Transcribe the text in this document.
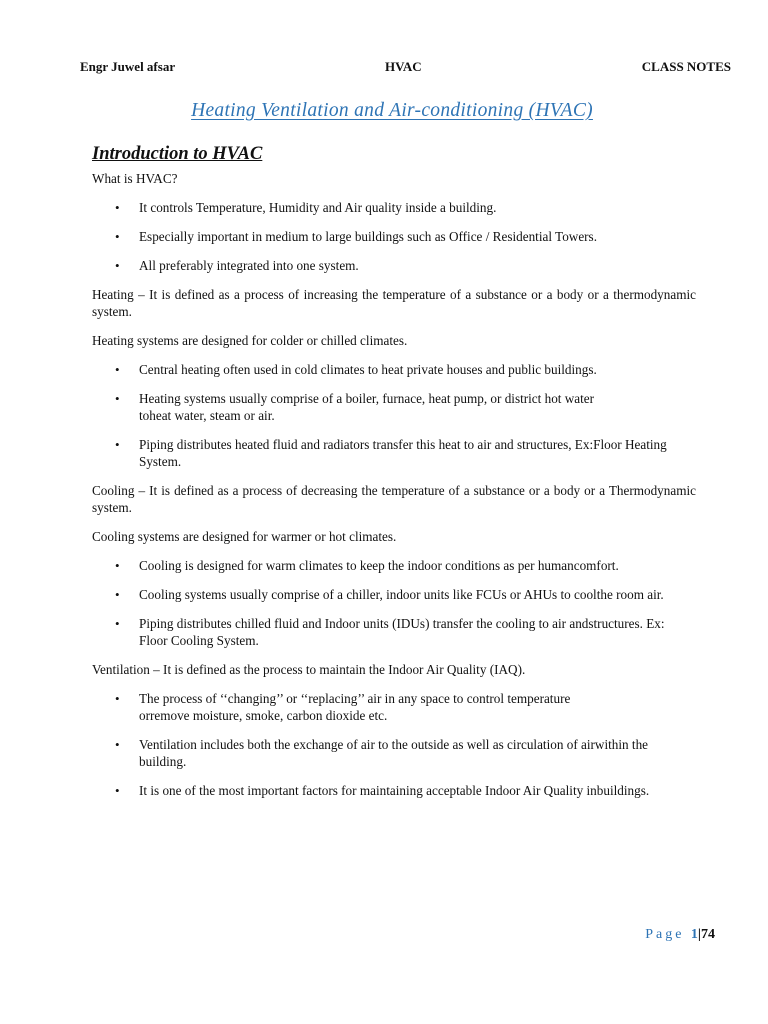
Engr Juwel afsar	HVAC	CLASS NOTES
Heating Ventilation and Air-conditioning (HVAC)
Introduction to HVAC

What is HVAC?

• It controls Temperature, Humidity and Air quality inside a building.
• Especially important in medium to large buildings such as Office / Residential Towers.
• All preferably integrated into one system.

Heating – It is defined as a process of increasing the temperature of a substance or a body or a thermodynamic system.

Heating systems are designed for colder or chilled climates.

• Central heating often used in cold climates to heat private houses and public buildings.
• Heating systems usually comprise of a boiler, furnace, heat pump, or district hot water toheat water, steam or air.
• Piping distributes heated fluid and radiators transfer this heat to air and structures, Ex:Floor Heating System.

Cooling – It is defined as a process of decreasing the temperature of a substance or a body or a Thermodynamic system.

Cooling systems are designed for warmer or hot climates.

• Cooling is designed for warm climates to keep the indoor conditions as per humancomfort.
• Cooling systems usually comprise of a chiller, indoor units like FCUs or AHUs to coolthe room air.
• Piping distributes chilled fluid and Indoor units (IDUs) transfer the cooling to air andstructures. Ex: Floor Cooling System.

Ventilation – It is defined as the process to maintain the Indoor Air Quality (IAQ).

• The process of ‘‘changing’’ or ‘‘replacing’’ air in any space to control temperature orremove moisture, smoke, carbon dioxide etc.
• Ventilation includes both the exchange of air to the outside as well as circulation of airwithin the building.
• It is one of the most important factors for maintaining acceptable Indoor Air Quality inbuildings.
Page 1|74
